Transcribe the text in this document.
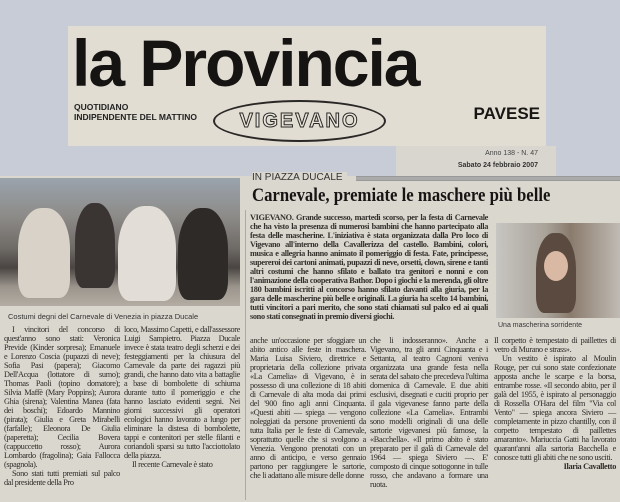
la Provincia
QUOTIDIANO
INDIPENDENTE DEL MATTINO VIGEVANO	PAVESE
Anno 138 - N. 47
Sabato 24 febbraio 2007
Costumi degni del Carnevale di Venezia in piazza Ducale
IN PIAZZA DUCALE
Carnevale, premiate le maschere più belle
VIGEVANO. Grande successo, martedì scorso, per la festa di Carnevale che ha visto la presenza di numerosi bambini che hanno partecipato alla festa delle mascherine. L'iniziativa è stata organizzata dalla Pro loco di Vigevano all'interno della Cavallerizza del castello. Bambini, colori, musica e allegria hanno animato il pomeriggio di festa. Fate, principesse, supereroi dei cartoni animati, pupazzi di neve, orsetti, clown, sirene e tanti altri costumi che hanno sfilato e ballato tra genitori e nonni e con l'animazione della cooperativa Bathor. Dopo i giochi e la merenda, gli oltre 180 bambini iscritti al concorso hanno sfilato davanti alla giuria, per la gara delle mascherine più belle e originali. La giuria ha scelto 14 bambini, tutti vincitori a pari merito, che sono stati chiamati sul palco ed ai quali sono stati consegnati in premio diversi giochi.
Una mascherina sorridente

I vincitori del concorso di quest'anno sono stati: Veronica Previde (Kinder sorpresa); Emanuele e Lorenzo Coscia (pupazzi di neve); Sofia Pasi (papera); Giacomo Dell'Acqua (lottatore di sumo); Thomas Paoli (topino domatore); Silvia Maffè (Mary Poppins); Aurora Ghia (sirena); Valentina Manea (fata dei boschi); Edoardo Mannino (pirata); Giulia e Greta Mirabelli (farfalle); Eleonora De Giulia (paperetta); Cecilia Bovera (cappuccetto rosso); Aurora Lombardo (fragolina); Gaia Fallocca (spagnola).

Sono stati tutti premiati sul palco dal presidente della Pro

loco, Massimo Capetti, e dall'assessore Luigi Sampietro. Piazza Ducale invece è stata teatro degli scherzi e dei festeggiamenti per la chiusura del Carnevale da parte dei ragazzi più grandi, che hanno dato vita a battaglie a base di bombolette di schiuma durante tutto il pomeriggio e che hanno lasciato evidenti segni. Nei giorni successivi gli operatori ecologici hanno lavorato a lungo per eliminare la distesa di bombolette, tappi e contenitori per stelle filanti e coriandoli sparsi su tutto l'acciottolato della piazza.

Il recente Carnevale è stato

anche un'occasione per sfoggiare un abito antico alle feste in maschera. Maria Luisa Siviero, direttrice e proprietaria della collezione privata «La Camelia» di Vigevano, è in possesso di una collezione di 18 abiti di Carnevale di alta moda dai primi del '900 fino agli anni Cinquanta. «Questi abiti — spiega — vengono noleggiati da persone provenienti da tutta Italia per le feste di Carnevale, soprattutto quelle che si svolgono a Venezia. Vengono prenotati con un anno di anticipo, e verso gennaio partono per raggiungere le sartorie, che li adattano alle misure delle donne

che li indosseranno». Anche a Vigevano, tra gli anni Cinquanta e i Settanta, al teatro Cagnoni veniva organizzata una grande festa nella serata del sabato che precedeva l'ultima domenica di Carnevale. E due abiti esclusivi, disegnati e cuciti proprio per il gala vigevanese fanno parte della collezione «La Camelia». Entrambi sono modelli originali di una delle sartorie vigevanesi più famose, la «Bacchella». «Il primo abito è stato preparato per il galà di Carnevale del 1964 — spiega Siviero —. E' composto di cinque sottogonne in tulle rosso, che andavano a formare una ruota.

Il corpetto è tempestato di paillettes di vetro di Murano e strass».

Un vestito è ispirato al Moulin Rouge, per cui sono state confezionate apposta anche le scarpe e la borsa, entrambe rosse. «Il secondo abito, per il galà del 1955, è ispirato al personaggio di Rossella O'Hara del film "Via col Vento" — spiega ancora Siviero — completamente in pizzo chantilly, con il corpetto tempestato di paillettes amaranto». Mariuccia Gatti ha lavorato quarant'anni alla sartoria Bacchella e conosce tutti gli abiti che ne sono usciti.

Ilaria Cavalletto
